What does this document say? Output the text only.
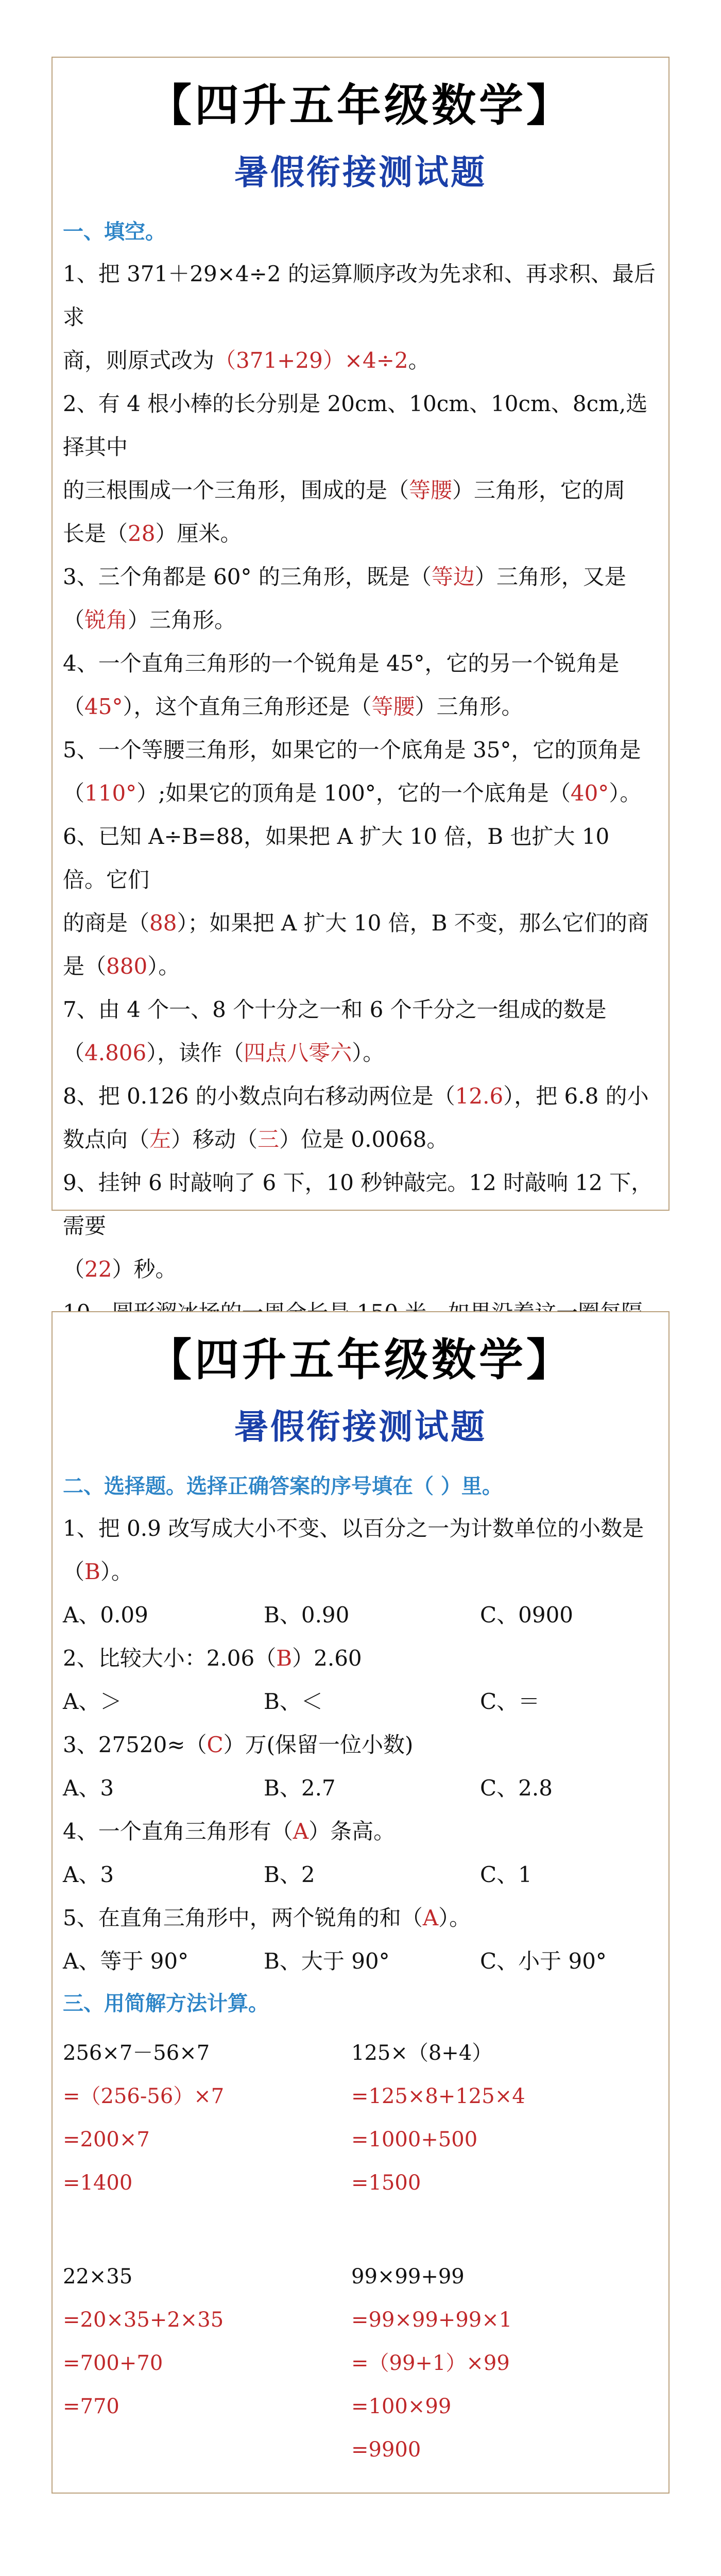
【四升五年级数学】
暑假衔接测试题
一、填空。
1、把 371＋29×4÷2 的运算顺序改为先求和、再求积、最后求
商，则原式改为（371+29）×4÷2。
2、有 4 根小棒的长分别是 20cm、10cm、10cm、8cm,选择其中
的三根围成一个三角形，围成的是（等腰）三角形，它的周
长是（28）厘米。
3、三个角都是 60° 的三角形，既是（等边）三角形，又是
（锐角）三角形。
4、一个直角三角形的一个锐角是 45°，它的另一个锐角是
（45°），这个直角三角形还是（等腰）三角形。
5、一个等腰三角形，如果它的一个底角是 35°，它的顶角是
（110°）;如果它的顶角是 100°，它的一个底角是（40°）。
6、已知 A÷B=88，如果把 A 扩大 10 倍，B 也扩大 10 倍。它们
的商是（88）；如果把 A 扩大 10 倍，B 不变，那么它们的商
是（880）。
7、由 4 个一、8 个十分之一和 6 个千分之一组成的数是
（4.806），读作（四点八零六）。
8、把 0.126 的小数点向右移动两位是（12.6），把 6.8 的小
数点向（左）移动（三）位是 0.0068。
9、挂钟 6 时敲响了 6 下，10 秒钟敲完。12 时敲响 12 下，需要
（22）秒。
【四升五年级数学】
暑假衔接测试题
二、选择题。选择正确答案的序号填在（ ）里。
1、把 0.9 改写成大小不变、以百分之一为计数单位的小数是
（B）。
A、0.09	B、0.90	C、0900
2、比较大小：2.06（B）2.60
A、＞	B、＜	C、＝
3、27520≈（C）万(保留一位小数)
A、3	B、2.7	C、2.8
4、一个直角三角形有（A）条高。
A、3	B、2	C、1
5、在直角三角形中，两个锐角的和（A）。
A、等于 90°	B、大于 90°	C、小于 90°
三、用简解方法计算。
256×7－56×7
=（256-56）×7
=200×7
=1400
125×（8+4）
=125×8+125×4
=1000+500
=1500
22×35
=20×35+2×35
=700+70
=770
99×99+99
=99×99+99×1
=（99+1）×99
=100×99
=9900
